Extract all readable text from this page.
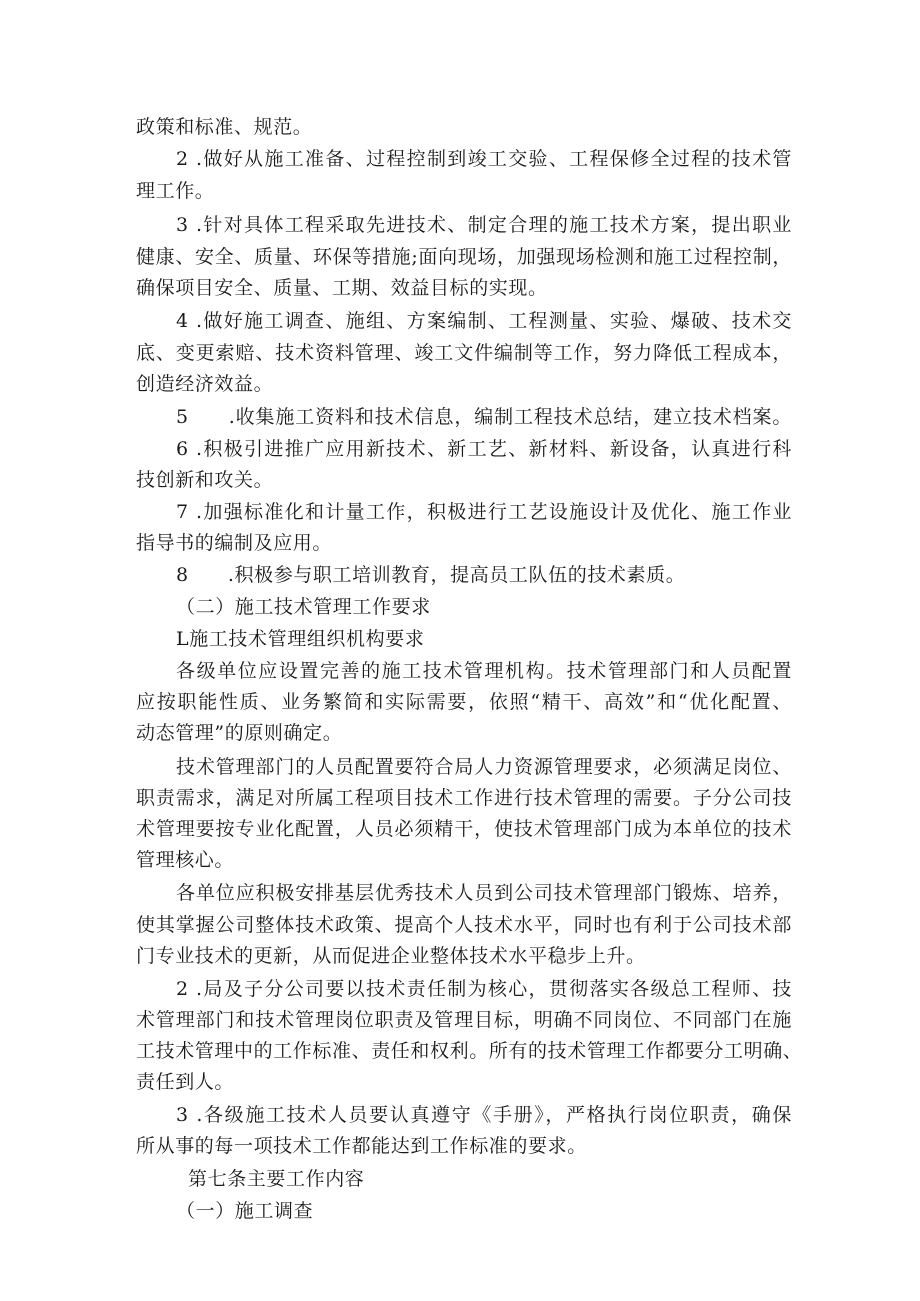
政策和标准、规范。
2 .做好从施工准备、过程控制到竣工交验、工程保修全过程的技术管
理工作。
3 .针对具体工程采取先进技术、制定合理的施工技术方案，提出职业
健康、安全、质量、环保等措施;面向现场，加强现场检测和施工过程控制，
确保项目安全、质量、工期、效益目标的实现。
4 .做好施工调查、施组、方案编制、工程测量、实验、爆破、技术交
底、变更索赔、技术资料管理、竣工文件编制等工作，努力降低工程成本，
创造经济效益。
5　　.收集施工资料和技术信息，编制工程技术总结，建立技术档案。
6 .积极引进推广应用新技术、新工艺、新材料、新设备，认真进行科
技创新和攻关。
7 .加强标准化和计量工作，积极进行工艺设施设计及优化、施工作业
指导书的编制及应用。
8　　.积极参与职工培训教育，提高员工队伍的技术素质。
（二）施工技术管理工作要求
L施工技术管理组织机构要求
各级单位应设置完善的施工技术管理机构。技术管理部门和人员配置
应按职能性质、业务繁简和实际需要，依照“精干、高效”和“优化配置、
动态管理”的原则确定。
技术管理部门的人员配置要符合局人力资源管理要求，必须满足岗位、
职责需求，满足对所属工程项目技术工作进行技术管理的需要。子分公司技
术管理要按专业化配置，人员必须精干，使技术管理部门成为本单位的技术
管理核心。
各单位应积极安排基层优秀技术人员到公司技术管理部门锻炼、培养，
使其掌握公司整体技术政策、提高个人技术水平，同时也有利于公司技术部
门专业技术的更新，从而促进企业整体技术水平稳步上升。
2 .局及子分公司要以技术责任制为核心，贯彻落实各级总工程师、技
术管理部门和技术管理岗位职责及管理目标，明确不同岗位、不同部门在施
工技术管理中的工作标准、责任和权利。所有的技术管理工作都要分工明确、
责任到人。
3 .各级施工技术人员要认真遵守《手册》，严格执行岗位职责，确保
所从事的每一项技术工作都能达到工作标准的要求。
第七条主要工作内容
（一）施工调查
